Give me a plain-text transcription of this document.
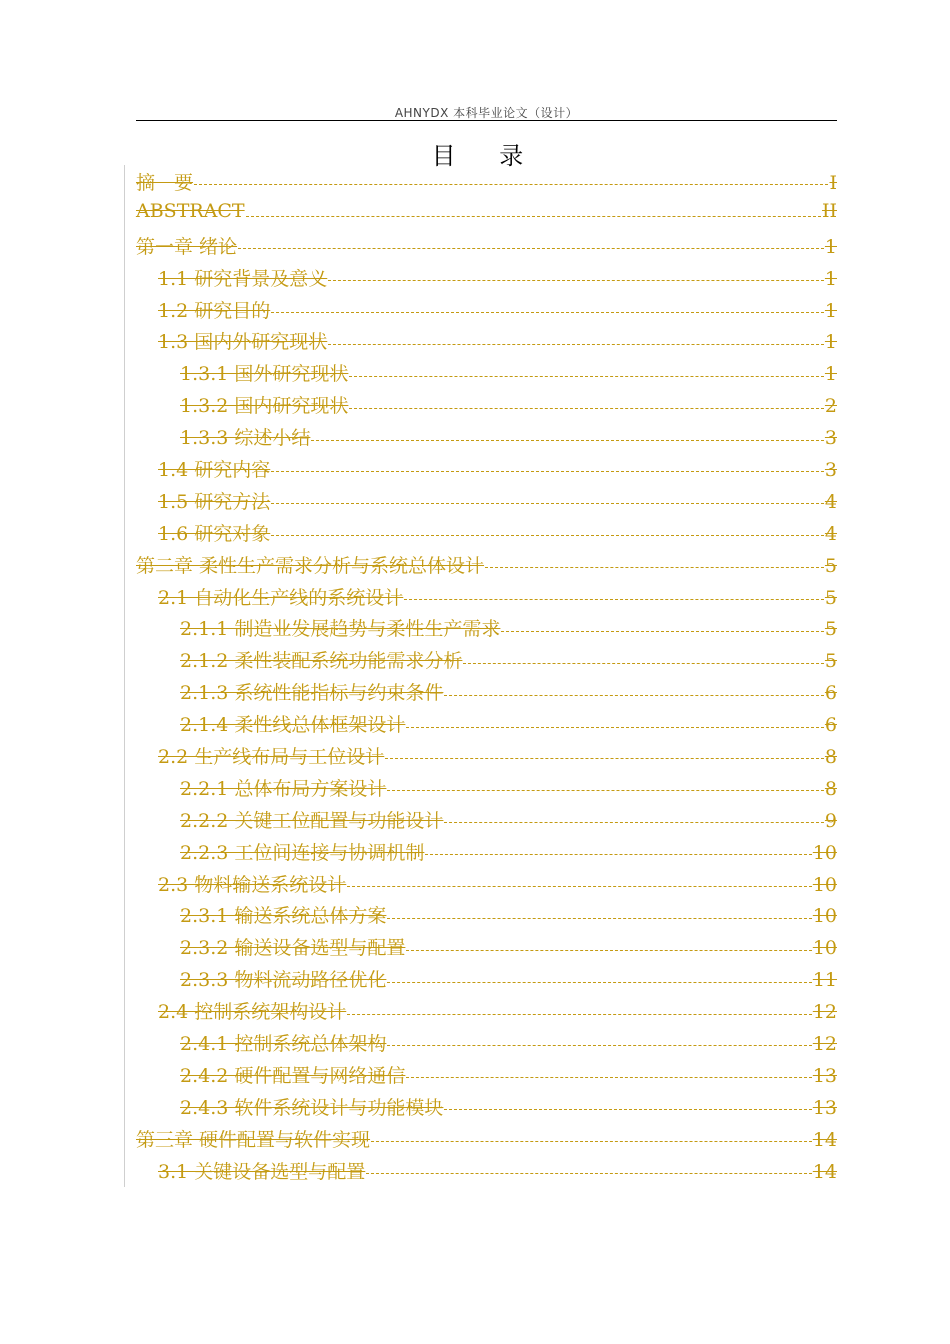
AHNYDX 本科毕业论文（设计）
目 录
摘　要	I
ABSTRACT	II
第一章 绪论	1
1.1 研究背景及意义	1
1.2 研究目的	1
1.3 国内外研究现状	1
1.3.1 国外研究现状	1
1.3.2 国内研究现状	2
1.3.3 综述小结	3
1.4 研究内容	3
1.5 研究方法	4
1.6 研究对象	4
第二章 柔性生产需求分析与系统总体设计	5
2.1 自动化生产线的系统设计	5
2.1.1 制造业发展趋势与柔性生产需求	5
2.1.2 柔性装配系统功能需求分析	5
2.1.3 系统性能指标与约束条件	6
2.1.4 柔性线总体框架设计	6
2.2 生产线布局与工位设计	8
2.2.1 总体布局方案设计	8
2.2.2 关键工位配置与功能设计	9
2.2.3 工位间连接与协调机制	10
2.3 物料输送系统设计	10
2.3.1 输送系统总体方案	10
2.3.2 输送设备选型与配置	10
2.3.3 物料流动路径优化	11
2.4 控制系统架构设计	12
2.4.1 控制系统总体架构	12
2.4.2 硬件配置与网络通信	13
2.4.3 软件系统设计与功能模块	13
第三章 硬件配置与软件实现	14
3.1 关键设备选型与配置	14
